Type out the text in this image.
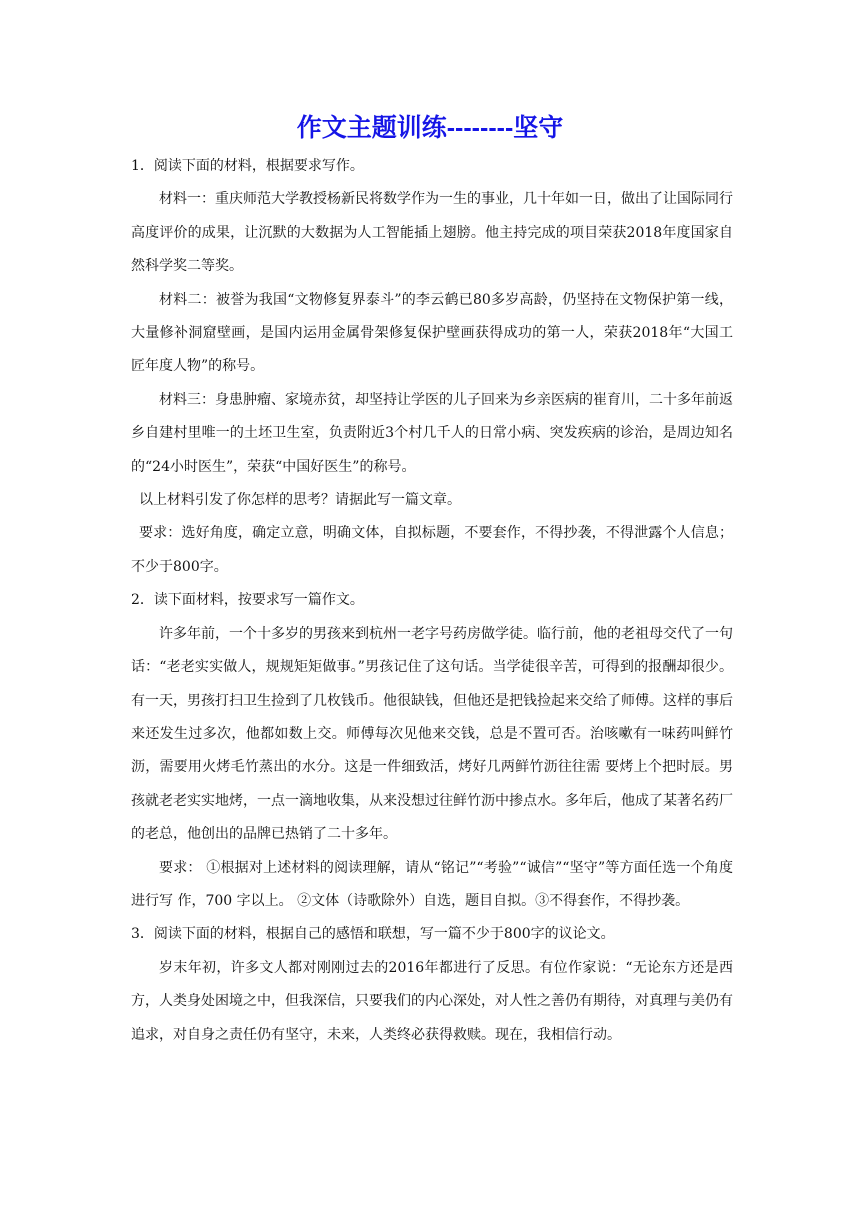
作文主题训练--------坚守

1．阅读下面的材料，根据要求写作。

材料一：重庆师范大学教授杨新民将数学作为一生的事业，几十年如一日，做出了让国际同行高度评价的成果，让沉默的大数据为人工智能插上翅膀。他主持完成的项目荣获2018年度国家自然科学奖二等奖。

材料二：被誉为我国“文物修复界泰斗”的李云鹤已80多岁高龄，仍坚持在文物保护第一线，大量修补洞窟壁画，是国内运用金属骨架修复保护壁画获得成功的第一人，荣获2018年“大国工匠年度人物”的称号。

材料三：身患肿瘤、家境赤贫，却坚持让学医的儿子回来为乡亲医病的崔育川，二十多年前返乡自建村里唯一的土坯卫生室，负责附近3个村几千人的日常小病、突发疾病的诊治，是周边知名的“24小时医生”，荣获“中国好医生”的称号。

以上材料引发了你怎样的思考？请据此写一篇文章。

要求：选好角度，确定立意，明确文体，自拟标题，不要套作，不得抄袭，不得泄露个人信息；不少于800字。

2．读下面材料，按要求写一篇作文。

许多年前，一个十多岁的男孩来到杭州一老字号药房做学徒。临行前，他的老祖母交代了一句话：“老老实实做人，规规矩矩做事。”男孩记住了这句话。当学徒很辛苦，可得到的报酬却很少。有一天，男孩打扫卫生捡到了几枚钱币。他很缺钱，但他还是把钱捡起来交给了师傅。这样的事后来还发生过多次，他都如数上交。师傅每次见他来交钱，总是不置可否。治咳嗽有一味药叫鲜竹沥，需要用火烤毛竹蒸出的水分。这是一件细致活，烤好几两鲜竹沥往往需 要烤上个把时辰。男孩就老老实实地烤，一点一滴地收集，从来没想过往鲜竹沥中掺点水。多年后，他成了某著名药厂的老总，他创出的品牌已热销了二十多年。

要求： ①根据对上述材料的阅读理解，请从“铭记”“考验”“诚信”“坚守”等方面任选一个角度进行写 作，700 字以上。 ②文体（诗歌除外）自选，题目自拟。③不得套作，不得抄袭。

3．阅读下面的材料，根据自己的感悟和联想，写一篇不少于800字的议论文。

岁末年初，许多文人都对刚刚过去的2016年都进行了反思。有位作家说：“无论东方还是西方，人类身处困境之中，但我深信，只要我们的内心深处，对人性之善仍有期待，对真理与美仍有追求，对自身之责任仍有坚守，未来，人类终必获得救赎。现在，我相信行动。
